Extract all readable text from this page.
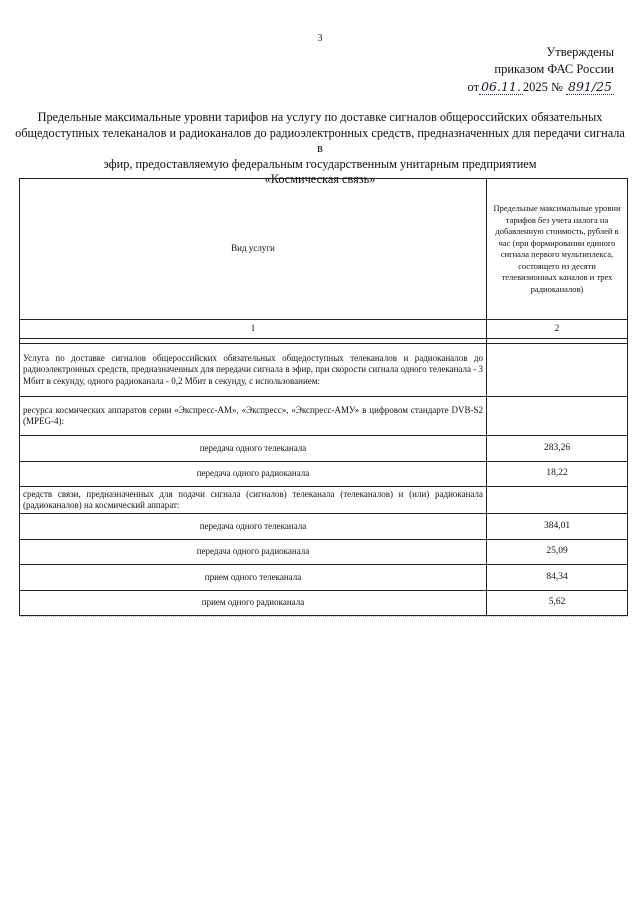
3
Утверждены
приказом ФАС России
от 06.11. 2025 № 891/25
Предельные максимальные уровни тарифов на услугу по доставке сигналов общероссийских обязательных
общедоступных телеканалов и радиоканалов до радиоэлектронных средств, предназначенных для передачи сигнала в
эфир, предоставляемую федеральным государственным унитарным предприятием
«Космическая связь»
Вид услуги	Предельные максимальные уровни тарифов без учета налога на добавленную стоимость, рублей в час (при формировании единого сигнала первого мультиплекса, состоящего из десяти телевизионных каналов и трех радиоканалов)
1	2

Услуга по доставке сигналов общероссийских обязательных общедоступных телеканалов и радиоканалов до радиоэлектронных средств, предназначенных для передачи сигнала в эфир, при скорости сигнала одного телеканала - 3 Мбит в секунду, одного радиоканала - 0,2 Мбит в секунду, с использованием:	
ресурса космических аппаратов серии «Экспресс-АМ», «Экспресс», «Экспресс-АМУ» в цифровом стандарте DVB-S2 (MPEG-4):	
передача одного телеканала	283,26
передача одного радиоканала	18,22
средств связи, предназначенных для подачи сигнала (сигналов) телеканала (телеканалов) и (или) радиоканала (радиоканалов) на космический аппарат:	
передача одного телеканала	384,01
передача одного радиоканала	25,09
прием одного телеканала	84,34
прием одного радиоканала	5,62
